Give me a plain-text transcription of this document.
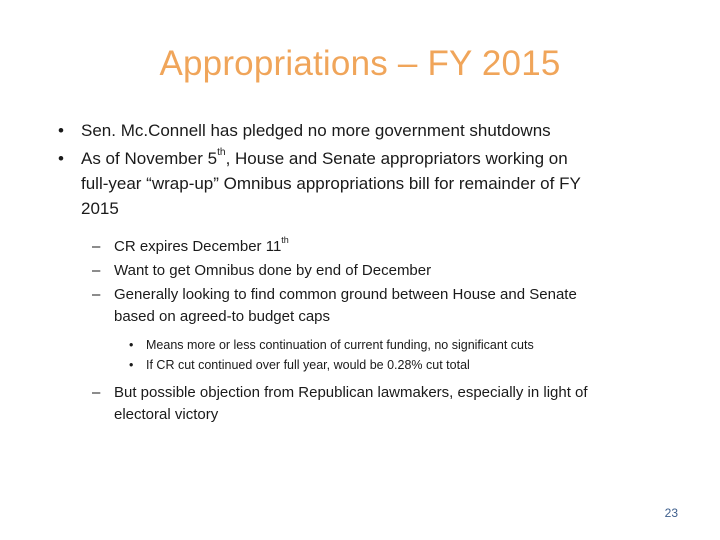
Appropriations – FY 2015
• Sen. Mc.Connell has pledged no more government shutdowns
• As of November 5th, House and Senate appropriators working on full-year “wrap-up” Omnibus appropriations bill for remainder of FY 2015
– CR expires December 11th
– Want to get Omnibus done by end of December
– Generally looking to find common ground between House and Senate based on agreed-to budget caps
• Means more or less continuation of current funding, no significant cuts
• If CR cut continued over full year, would be 0.28% cut total
– But possible objection from Republican lawmakers, especially in light of electoral victory
23
